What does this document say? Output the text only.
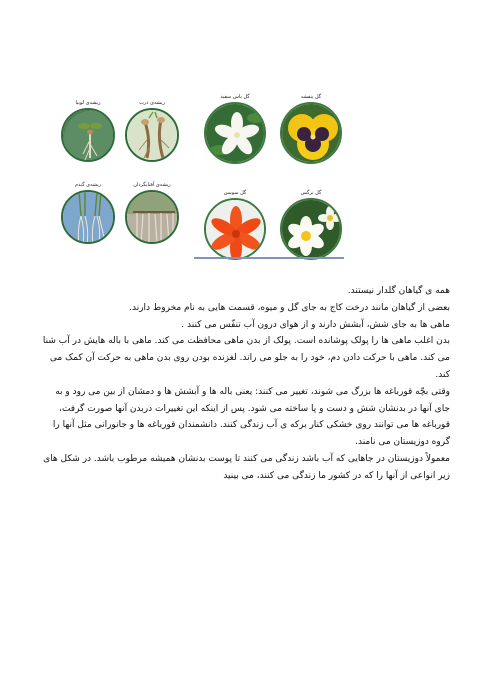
ریشه‌ی لوبیا	ریشه‌ی ذرت
گل یاس سفید	گل بنفشه
ریشه‌ی گندم	ریشه‌ی آفتابگردان
گل سوسن	گل نرگس

همه ی گیاهان گلدار نیستند.

بعضی از گیاهان مانند درخت کاج به جای گل و میوه، قسمت هایی به نام مخروط دارند.

ماهی ها به جای شش، آبشش دارند و از هوای درون آب تنفّس می کنند .

بدن اغلب ماهی ها را پولک پوشانده است. پولک از بدن ماهی محافظت می کند. ماهی با باله هایش در آب شنا می کند. ماهی با حرکت دادن دم، خود را به جلو می راند. لغزنده بودن روی بدن ماهی به حرکت آن کمک می کند.

وقتی بچّه قورباغه ها بزرگ می شوند، تغییر می کنند: یعنی باله ها و آبشش ها و دمشان از بین می رود و به جای آنها در بدنشان شش و دست و پا ساخته می شود. پس از اینکه این تغییرات دربدن آنها صورت گرفت، قورباغه ها می توانند روی خشکی کنار برکه ی آب زندگی کنند. دانشمندان قورباغه ها و جانورانی مثل آنها را گروه دوزیستان می نامند.

معمولاً دوزیستان در جاهایی که آب باشد زندگی می کنند تا پوست بدنشان همیشه مرطوب باشد. در شکل های زیر انواعی از آنها را که در کشور ما زندگی می کنند، می بینید
